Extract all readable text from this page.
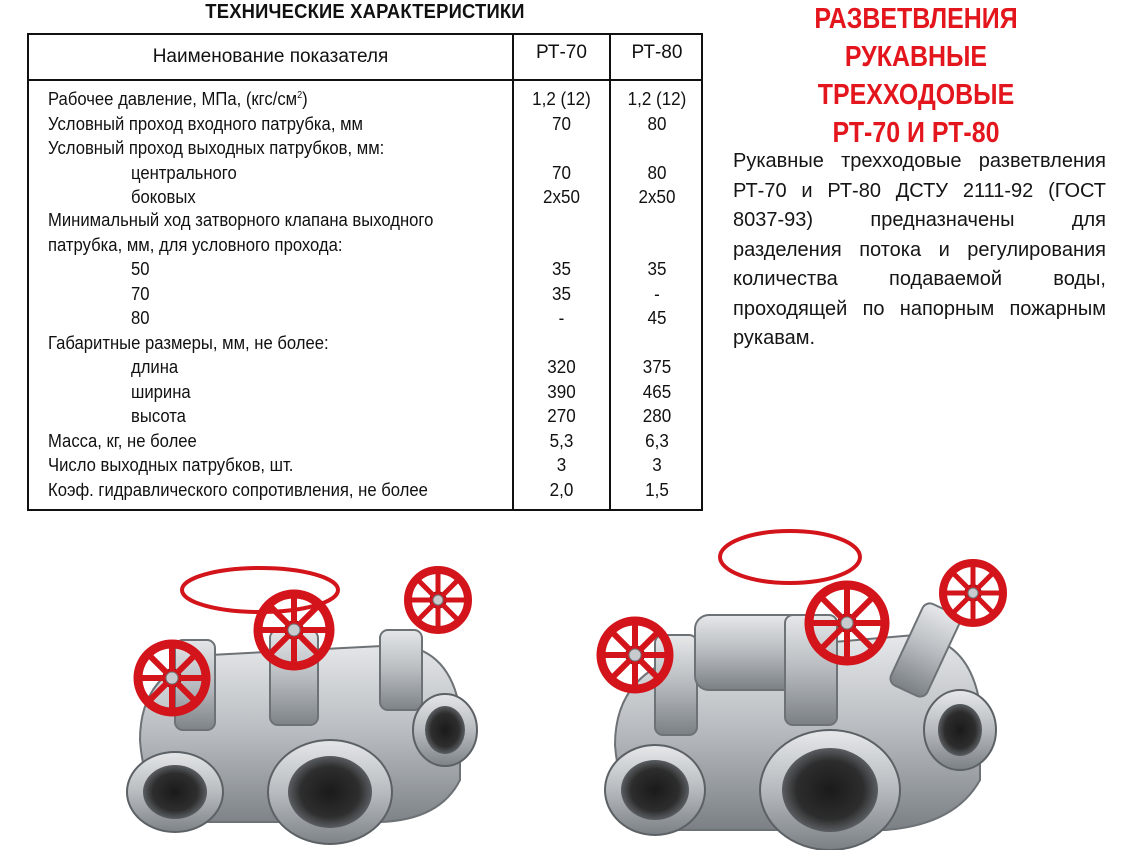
ТЕХНИЧЕСКИЕ ХАРАКТЕРИСТИКИ
Наименование показателя	РТ-70	РТ-80
Рабочее давление, МПа, $(кгс/см^2)$	1,2 (12)	1,2 (12)
Условный проход входного патрубка, мм	70	80
Условный проход выходных патрубков, мм:
центрального	70	80
боковых	2х50	2х50
Минимальный ход затворного клапана выходного
патрубка, мм, для условного прохода:
50	35	35
70	35	-
80	-	45
Габаритные размеры, мм, не более:
длина	320	375
ширина	390	465
высота	270	280
Масса, кг, не более	5,3	6,3
Число выходных патрубков, шт.	3	3
Коэф. гидравлического сопротивления, не более	2,0	1,5
РАЗВЕТВЛЕНИЯ РУКАВНЫЕ
ТРЕХХОДОВЫЕ
РТ-70 И РТ-80
Рукавные трехходовые разветвления РТ-70 и РТ-80 ДСТУ 2111-92 (ГОСТ 8037-93) предназначены для разделения потока и регулирования количества подаваемой воды, проходящей по напорным пожарным рукавам.
